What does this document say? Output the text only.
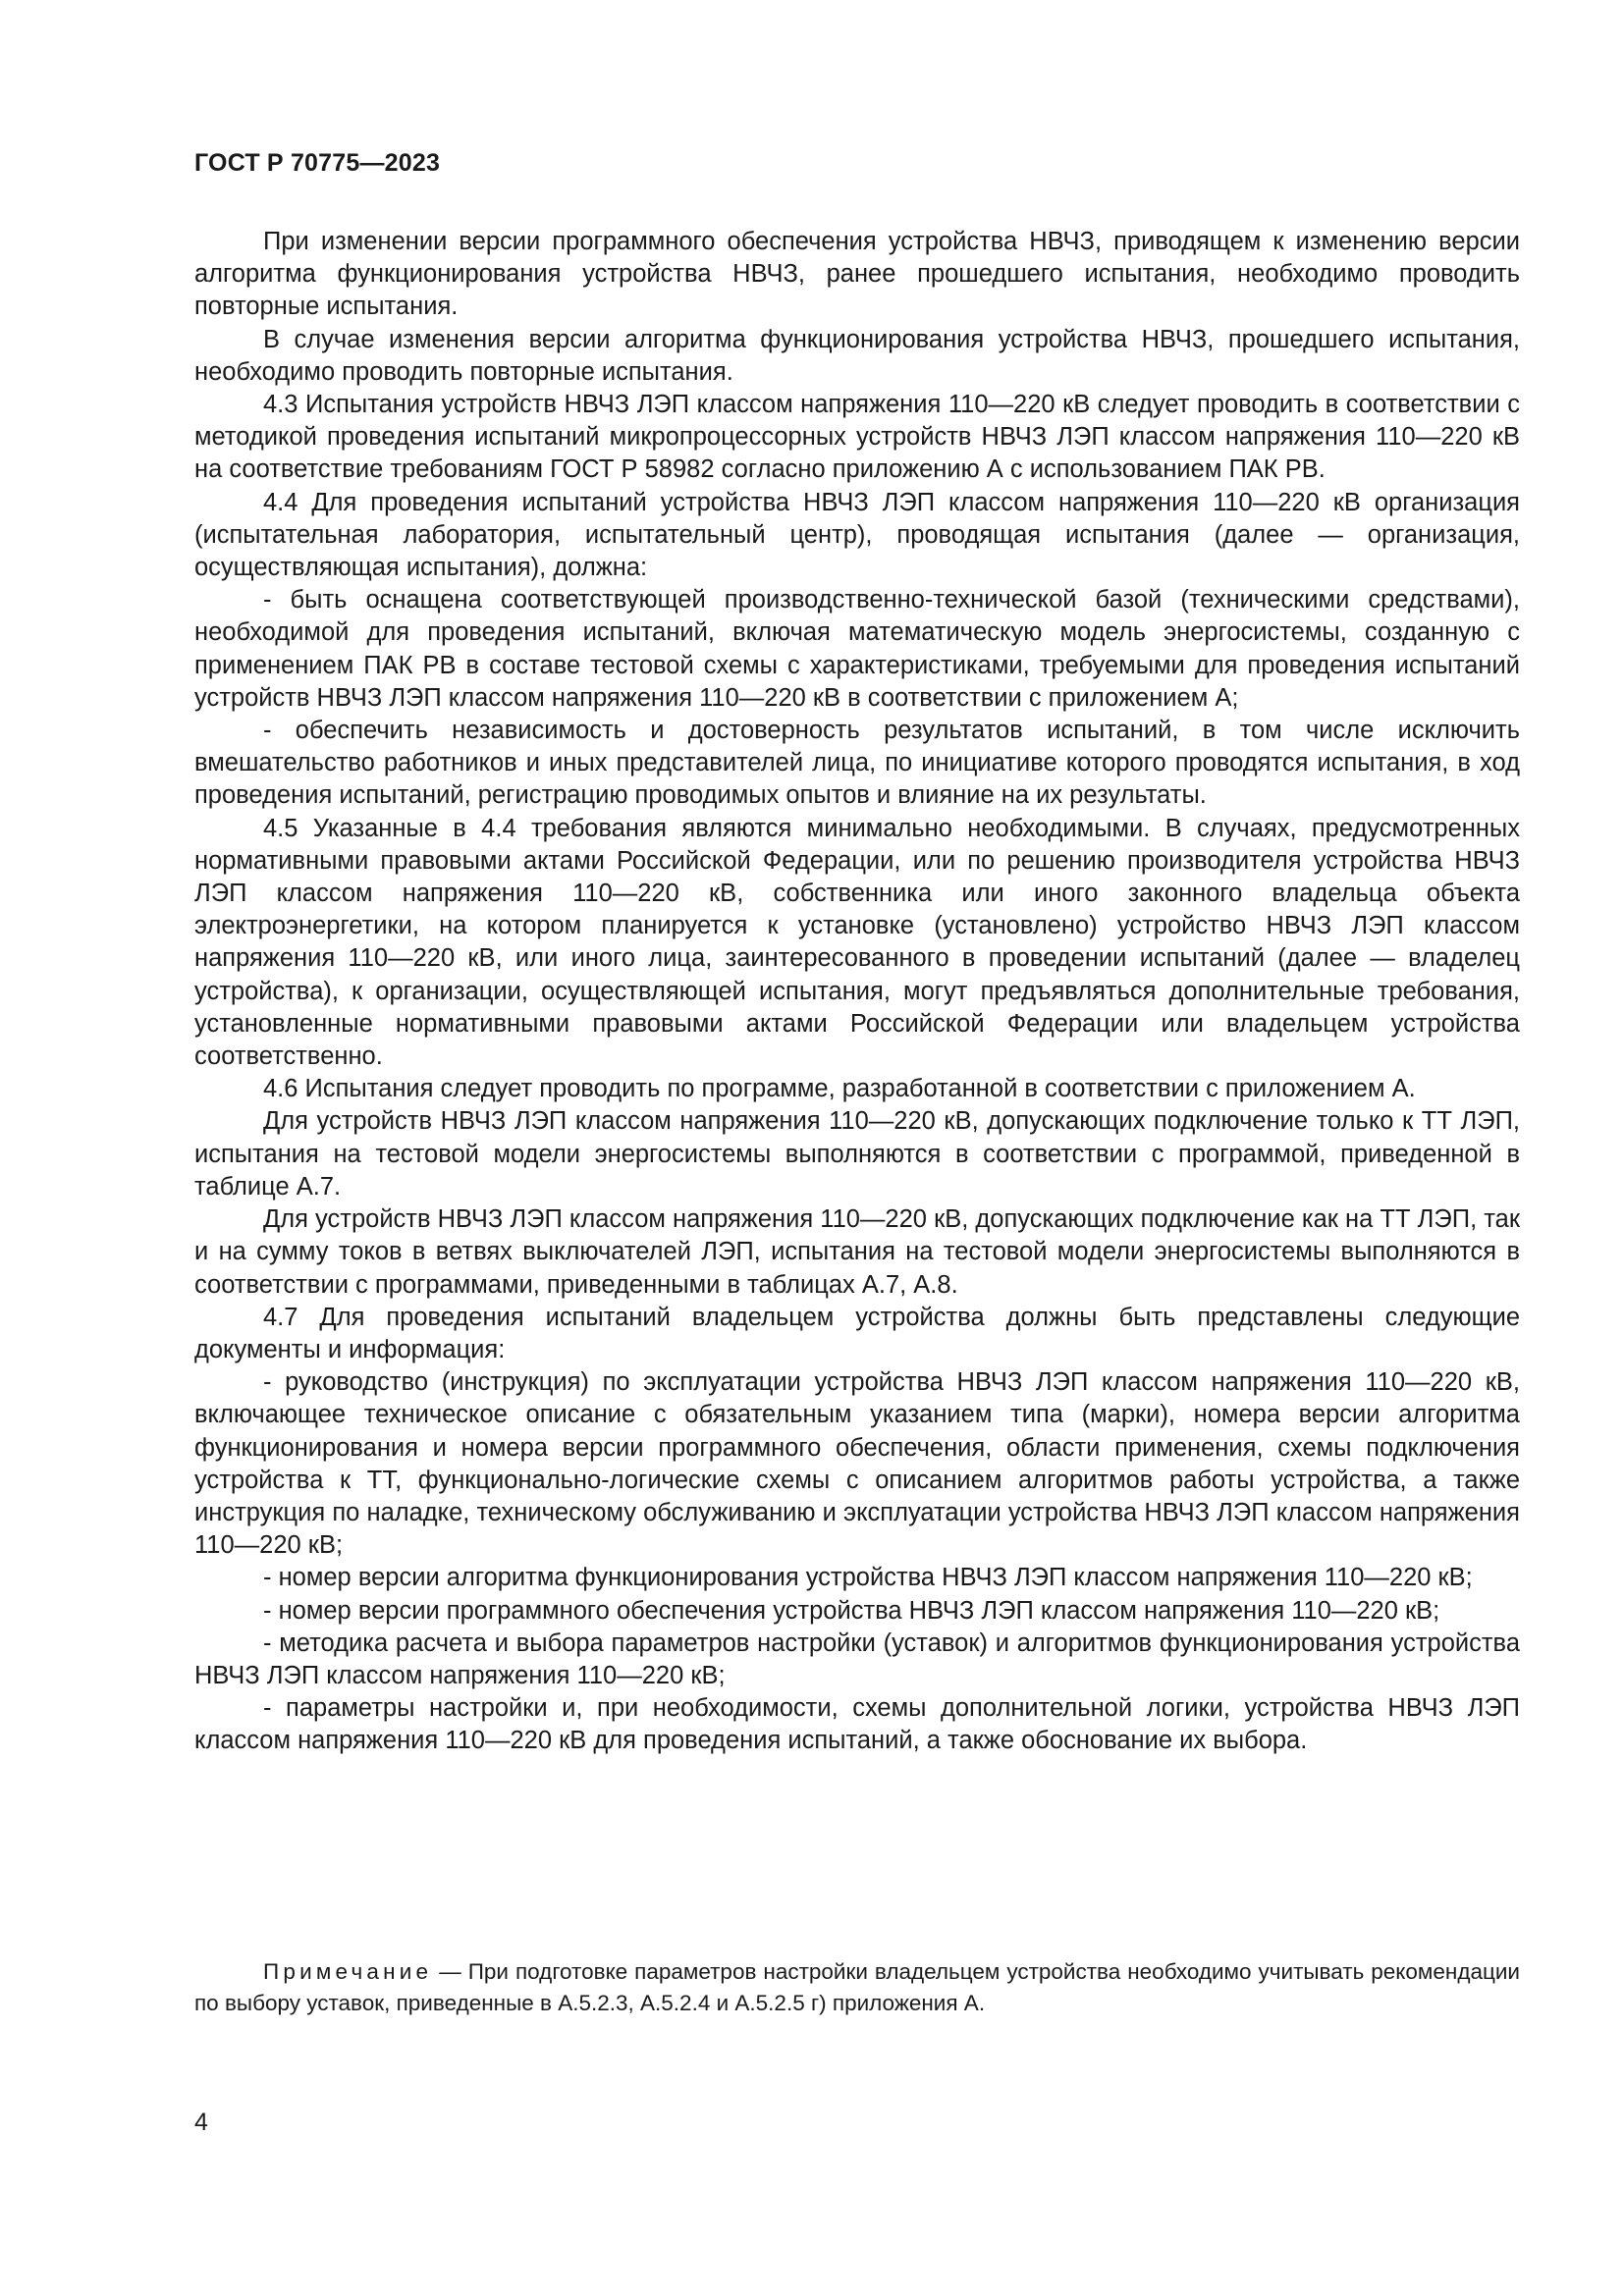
ГОСТ Р 70775—2023

При изменении версии программного обеспечения устройства НВЧЗ, приводящем к изменению версии алгоритма функционирования устройства НВЧЗ, ранее прошедшего испытания, необходимо проводить повторные испытания.

В случае изменения версии алгоритма функционирования устройства НВЧЗ, прошедшего испытания, необходимо проводить повторные испытания.

4.3 Испытания устройств НВЧЗ ЛЭП классом напряжения 110—220 кВ следует проводить в соответствии с методикой проведения испытаний микропроцессорных устройств НВЧЗ ЛЭП классом напряжения 110—220 кВ на соответствие требованиям ГОСТ Р 58982 согласно приложению А с использованием ПАК РВ.

4.4 Для проведения испытаний устройства НВЧЗ ЛЭП классом напряжения 110—220 кВ организация (испытательная лаборатория, испытательный центр), проводящая испытания (далее — организация, осуществляющая испытания), должна:

- быть оснащена соответствующей производственно-технической базой (техническими средствами), необходимой для проведения испытаний, включая математическую модель энергосистемы, созданную с применением ПАК РВ в составе тестовой схемы с характеристиками, требуемыми для проведения испытаний устройств НВЧЗ ЛЭП классом напряжения 110—220 кВ в соответствии с приложением А;

- обеспечить независимость и достоверность результатов испытаний, в том числе исключить вмешательство работников и иных представителей лица, по инициативе которого проводятся испытания, в ход проведения испытаний, регистрацию проводимых опытов и влияние на их результаты.

4.5 Указанные в 4.4 требования являются минимально необходимыми. В случаях, предусмотренных нормативными правовыми актами Российской Федерации, или по решению производителя устройства НВЧЗ ЛЭП классом напряжения 110—220 кВ, собственника или иного законного владельца объекта электроэнергетики, на котором планируется к установке (установлено) устройство НВЧЗ ЛЭП классом напряжения 110—220 кВ, или иного лица, заинтересованного в проведении испытаний (далее — владелец устройства), к организации, осуществляющей испытания, могут предъявляться дополнительные требования, установленные нормативными правовыми актами Российской Федерации или владельцем устройства соответственно.

4.6 Испытания следует проводить по программе, разработанной в соответствии с приложением А.

Для устройств НВЧЗ ЛЭП классом напряжения 110—220 кВ, допускающих подключение только к ТТ ЛЭП, испытания на тестовой модели энергосистемы выполняются в соответствии с программой, приведенной в таблице А.7.

Для устройств НВЧЗ ЛЭП классом напряжения 110—220 кВ, допускающих подключение как на ТТ ЛЭП, так и на сумму токов в ветвях выключателей ЛЭП, испытания на тестовой модели энергосистемы выполняются в соответствии с программами, приведенными в таблицах А.7, А.8.

4.7 Для проведения испытаний владельцем устройства должны быть представлены следующие документы и информация:

- руководство (инструкция) по эксплуатации устройства НВЧЗ ЛЭП классом напряжения 110—220 кВ, включающее техническое описание с обязательным указанием типа (марки), номера версии алгоритма функционирования и номера версии программного обеспечения, области применения, схемы подключения устройства к ТТ, функционально-логические схемы с описанием алгоритмов работы устройства, а также инструкция по наладке, техническому обслуживанию и эксплуатации устройства НВЧЗ ЛЭП классом напряжения 110—220 кВ;

- номер версии алгоритма функционирования устройства НВЧЗ ЛЭП классом напряжения 110—220 кВ;

- номер версии программного обеспечения устройства НВЧЗ ЛЭП классом напряжения 110—220 кВ;

- методика расчета и выбора параметров настройки (уставок) и алгоритмов функционирования устройства НВЧЗ ЛЭП классом напряжения 110—220 кВ;

- параметры настройки и, при необходимости, схемы дополнительной логики, устройства НВЧЗ ЛЭП классом напряжения 110—220 кВ для проведения испытаний, а также обоснование их выбора.

Примечание — При подготовке параметров настройки владельцем устройства необходимо учитывать рекомендации по выбору уставок, приведенные в А.5.2.3, А.5.2.4 и А.5.2.5 г) приложения А.

4
